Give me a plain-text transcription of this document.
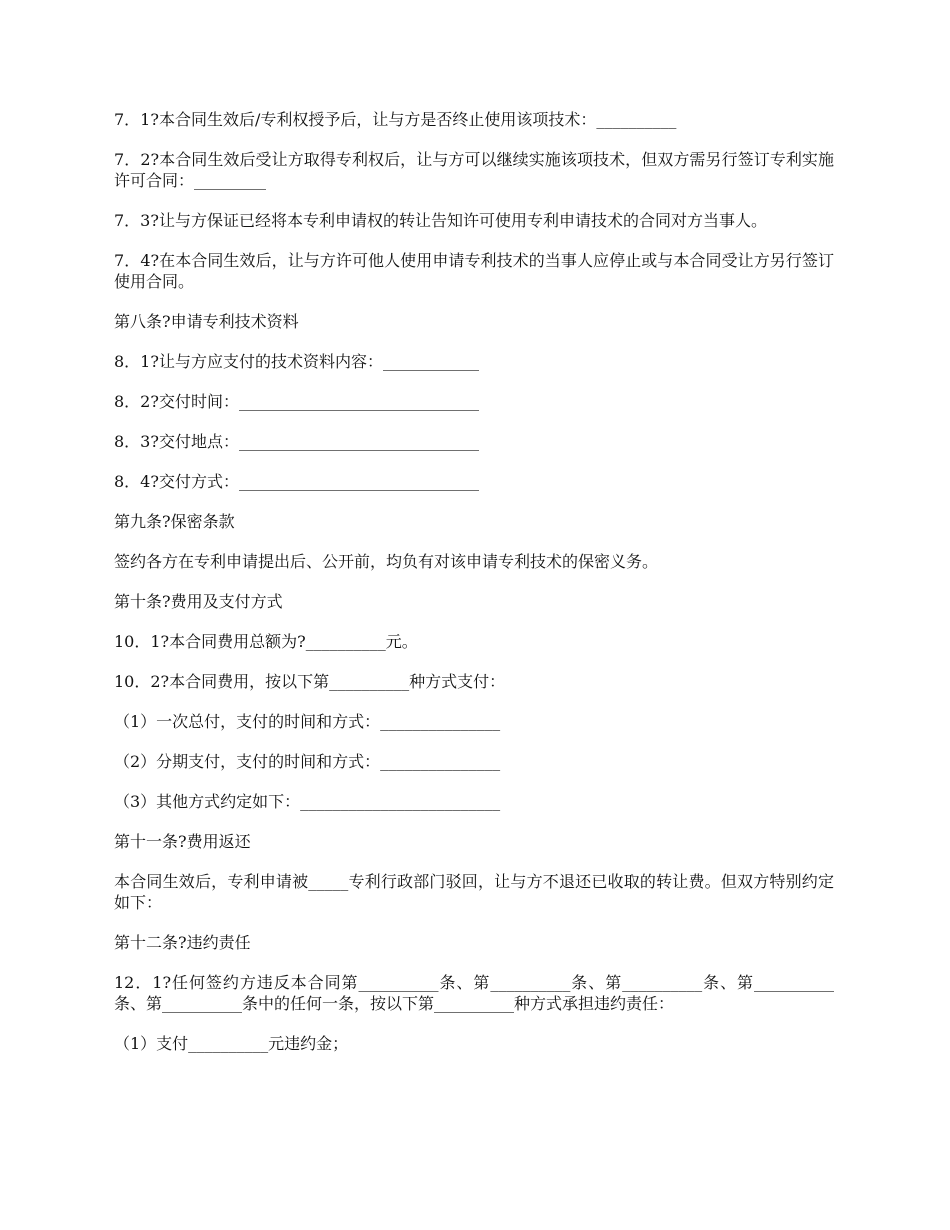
7．1?本合同生效后/专利权授予后，让与方是否终止使用该项技术：__________

7．2?本合同生效后受让方取得专利权后，让与方可以继续实施该项技术，但双方需另行签订专利实施许可合同：_________

7．3?让与方保证已经将本专利申请权的转让告知许可使用专利申请技术的合同对方当事人。

7．4?在本合同生效后，让与方许可他人使用申请专利技术的当事人应停止或与本合同受让方另行签订使用合同。

第八条?申请专利技术资料

8．1?让与方应支付的技术资料内容：____________

8．2?交付时间：______________________________

8．3?交付地点：______________________________

8．4?交付方式：______________________________

第九条?保密条款

签约各方在专利申请提出后、公开前，均负有对该申请专利技术的保密义务。

第十条?费用及支付方式

10．1?本合同费用总额为?__________元。

10．2?本合同费用，按以下第__________种方式支付：

（1）一次总付，支付的时间和方式：_______________

（2）分期支付，支付的时间和方式：_______________

（3）其他方式约定如下：_________________________

第十一条?费用返还

本合同生效后，专利申请被_____专利行政部门驳回，让与方不退还已收取的转让费。但双方特别约定如下：

第十二条?违约责任

12．1?任何签约方违反本合同第__________条、第__________条、第__________条、第__________条、第__________条中的任何一条，按以下第__________种方式承担违约责任：

（1）支付__________元违约金；
